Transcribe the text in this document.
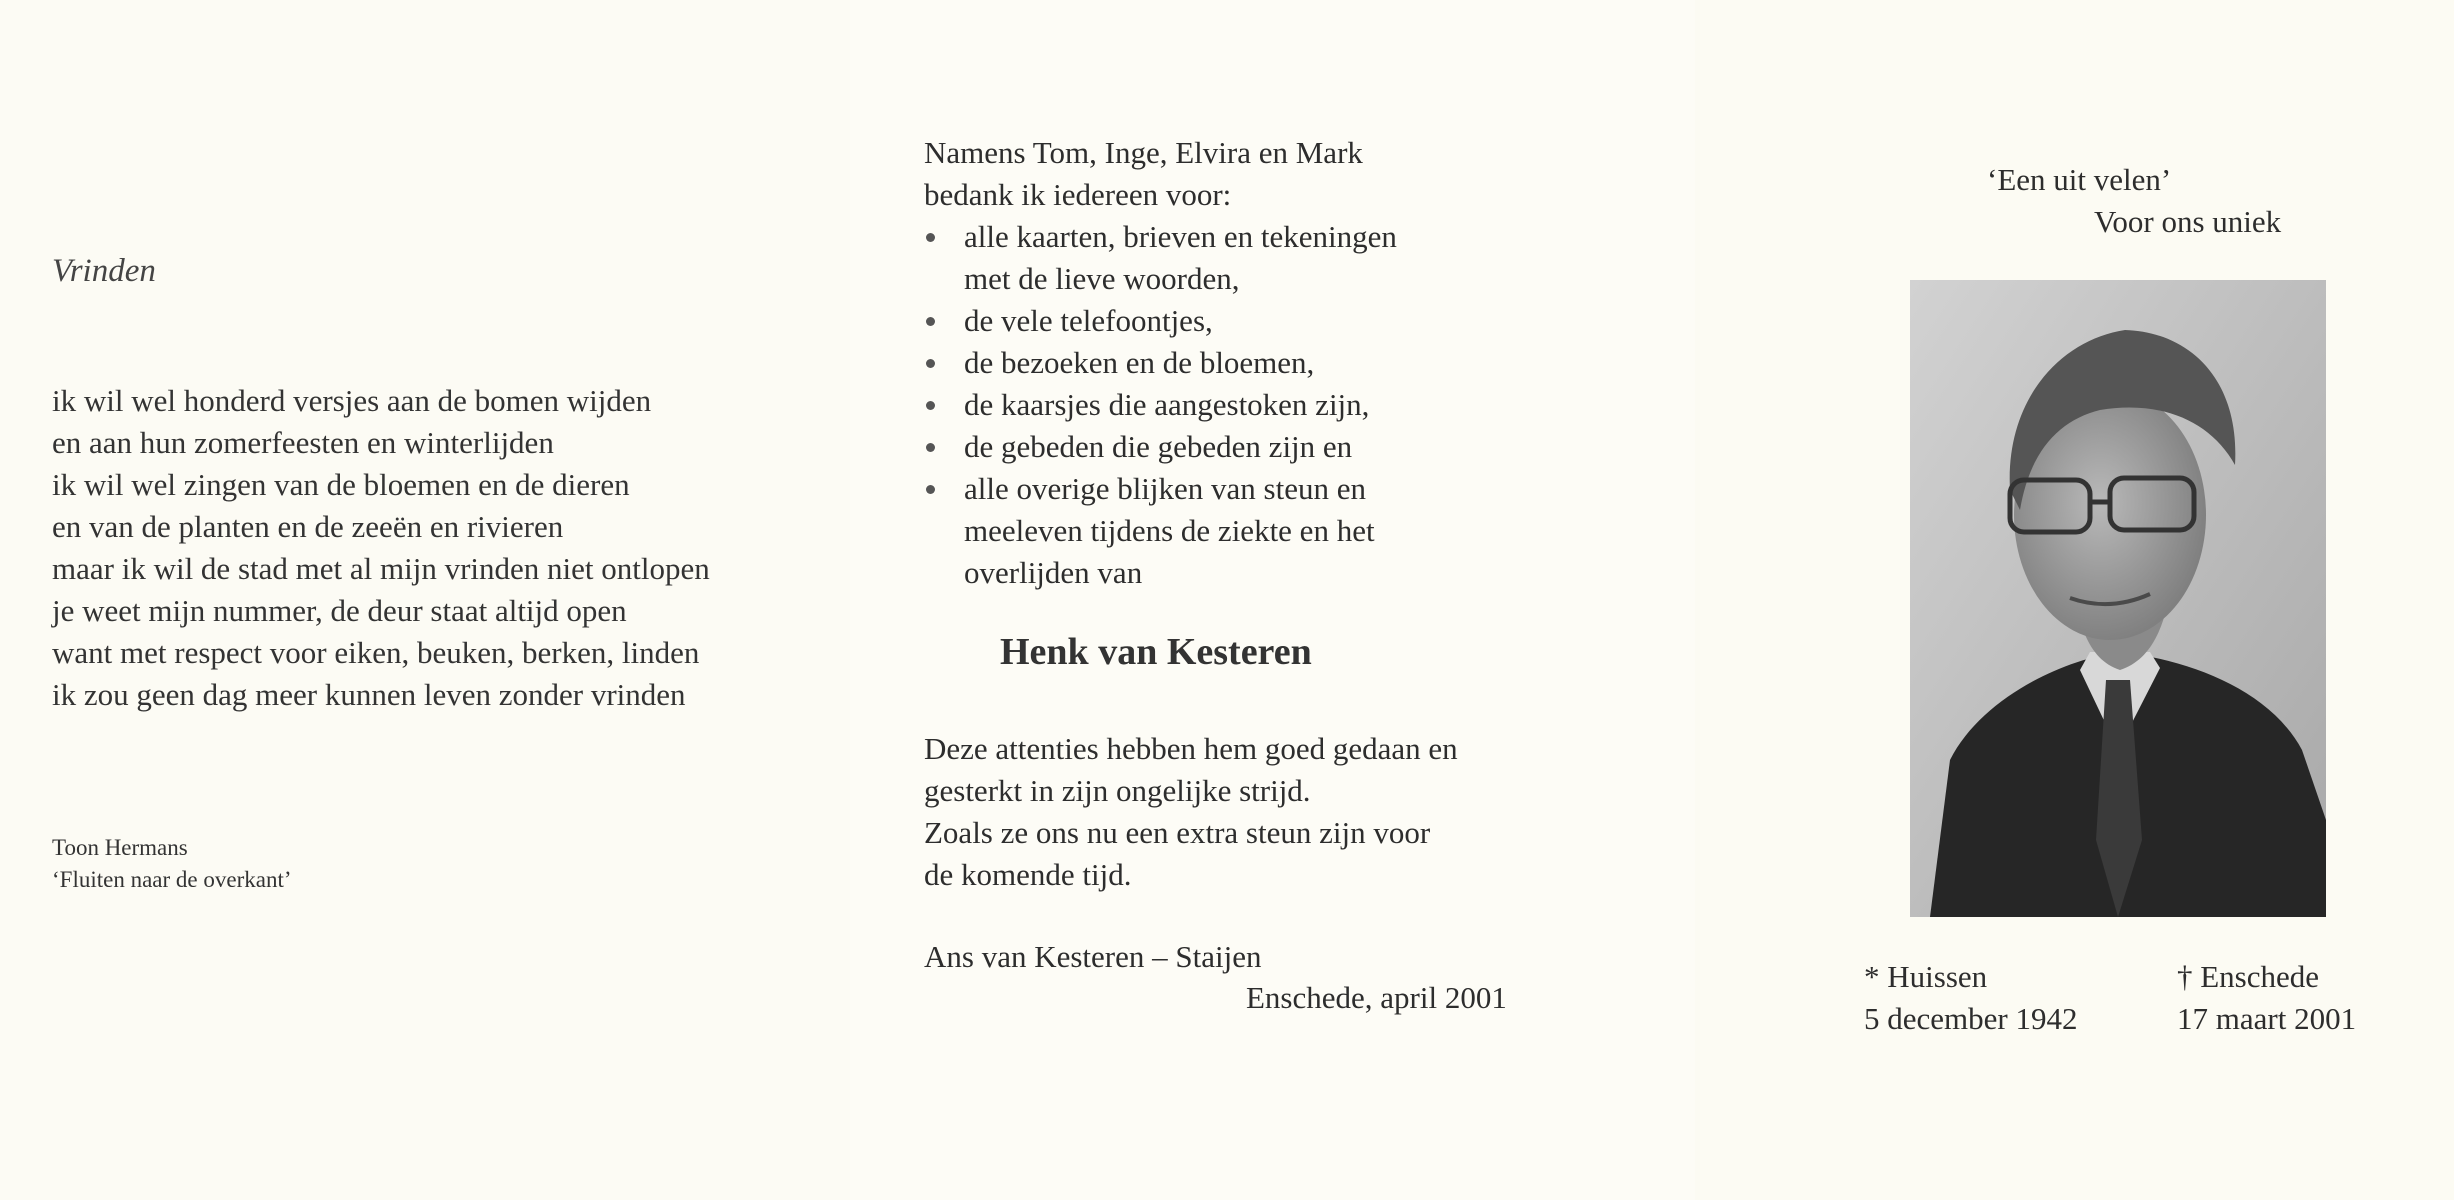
Vrinden
ik wil wel honderd versjes aan de bomen wijden
en aan hun zomerfeesten en winterlijden
ik wil wel zingen van de bloemen en de dieren
en van de planten en de zeeën en rivieren
maar ik wil de stad met al mijn vrinden niet ontlopen
je weet mijn nummer, de deur staat altijd open
want met respect voor eiken, beuken, berken, linden
ik zou geen dag meer kunnen leven zonder vrinden
Toon Hermans
‘Fluiten naar de overkant’
Namens Tom, Inge, Elvira en Mark
bedank ik iedereen voor:
alle kaarten, brieven en tekeningen
met de lieve woorden,
de vele telefoontjes,
de bezoeken en de bloemen,
de kaarsjes die aangestoken zijn,
de gebeden die gebeden zijn en
alle overige blijken van steun en
meeleven tijdens de ziekte en het
overlijden van
Henk van Kesteren
Deze attenties hebben hem goed gedaan en
gesterkt in zijn ongelijke strijd.
Zoals ze ons nu een extra steun zijn voor
de komende tijd.
Ans van Kesteren – Staijen
Enschede, april 2001
‘Een uit velen’
Voor ons uniek
* Huissen
5 december 1942
† Enschede
17 maart 2001
